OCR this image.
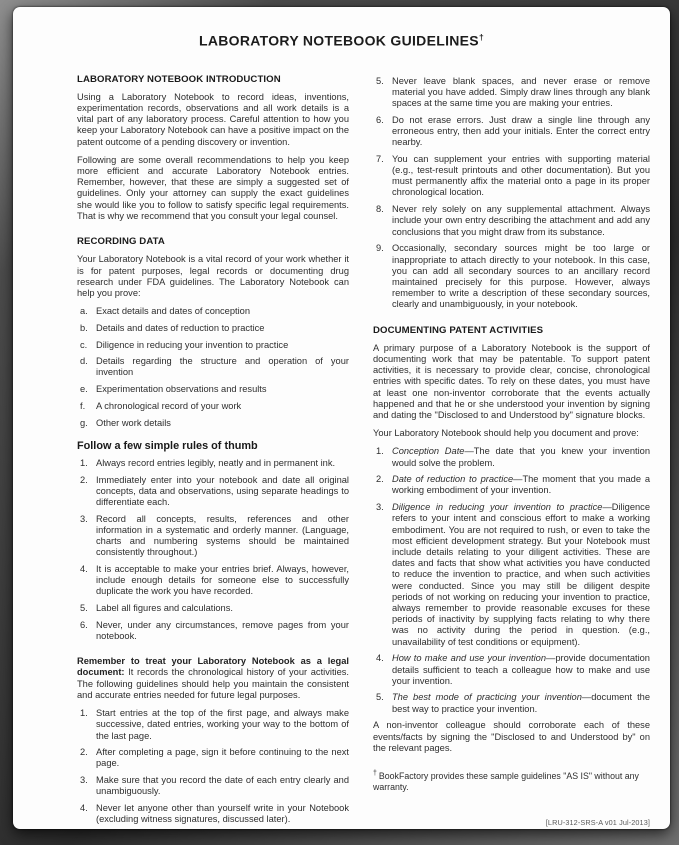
LABORATORY NOTEBOOK GUIDELINES†
LABORATORY NOTEBOOK INTRODUCTION

Using a Laboratory Notebook to record ideas, inventions, experimentation records, observations and all work details is a vital part of any laboratory process. Careful attention to how you keep your Laboratory Notebook can have a positive impact on the patent outcome of a pending discovery or invention.

Following are some overall recommendations to help you keep more efficient and accurate Laboratory Notebook entries. Remember, however, that these are simply a suggested set of guidelines. Only your attorney can supply the exact guidelines she would like you to follow to satisfy specific legal requirements. That is why we recommend that you consult your legal counsel.

RECORDING DATA

Your Laboratory Notebook is a vital record of your work whether it is for patent purposes, legal records or documenting drug research under FDA guidelines. The Laboratory Notebook can help you prove:

a. Exact details and dates of conception
b. Details and dates of reduction to practice
c. Diligence in reducing your invention to practice
d. Details regarding the structure and operation of your invention
e. Experimentation observations and results
f.	A chronological record of your work
g. Other work details
Follow a few simple rules of thumb
1. Always record entries legibly, neatly and in permanent ink.
2. Immediately enter into your notebook and date all original concepts, data and observations, using separate headings to differentiate each.
3. Record all concepts, results, references and other information in a systematic and orderly manner. (Language, charts and numbering systems should be maintained consistently throughout.)
4. It is acceptable to make your entries brief. Always, however, include enough details for someone else to successfully duplicate the work you have recorded.
5. Label all figures and calculations.
6. Never, under any circumstances, remove pages from your notebook.

Remember to treat your Laboratory Notebook as a legal document: It records the chronological history of your activities. The following guidelines should help you maintain the consistent and accurate entries needed for future legal purposes.

1. Start entries at the top of the first page, and always make successive, dated entries, working your way to the bottom of the last page.
2. After completing a page, sign it before continuing to the next page.
3. Make sure that you record the date of each entry clearly and unambiguously.
4. Never let anyone other than yourself write in your Notebook (excluding witness signatures, discussed later).
5. Never leave blank spaces, and never erase or remove material you have added. Simply draw lines through any blank spaces at the same time you are making your entries.
6. Do not erase errors. Just draw a single line through any erroneous entry, then add your initials. Enter the correct entry nearby.
7. You can supplement your entries with supporting material (e.g., test-result printouts and other documentation). But you must permanently affix the material onto a page in its proper chronological location.
8. Never rely solely on any supplemental attachment. Always include your own entry describing the attachment and add any conclusions that you might draw from its substance.
9. Occasionally, secondary sources might be too large or inappropriate to attach directly to your notebook. In this case, you can add all secondary sources to an ancillary record maintained precisely for this purpose. However, always remember to write a description of these secondary sources, clearly and unambiguously, in your notebook.
DOCUMENTING PATENT ACTIVITIES

A primary purpose of a Laboratory Notebook is the support of documenting work that may be patentable. To support patent activities, it is necessary to provide clear, concise, chronological entries with specific dates. To rely on these dates, you must have at least one non-inventor corroborate that the events actually happened and that he or she understood your invention by signing and dating the "Disclosed to and Understood by" signature blocks.

Your Laboratory Notebook should help you document and prove:

1. Conception Date—The date that you knew your invention would solve the problem.
2. Date of reduction to practice—The moment that you made a working embodiment of your invention.
3. Diligence in reducing your invention to practice—Diligence refers to your intent and conscious effort to make a working embodiment. You are not required to rush, or even to take the most efficient development strategy. But your Notebook must include details relating to your diligent activities. These are dates and facts that show what activities you have conducted to reduce the invention to practice, and when such activities were conducted. Since you may still be diligent despite periods of not working on reducing your invention to practice, always remember to provide reasonable excuses for these periods of inactivity by supplying facts relating to why there was no activity during the period in question. (e.g., unavailability of test conditions or equipment).
4. How to make and use your invention—provide documentation details sufficient to teach a colleague how to make and use your invention.
5. The best mode of practicing your invention—document the best way to practice your invention.

A non-inventor colleague should corroborate each of these events/facts by signing the "Disclosed to and Understood by" on the relevant pages.

† BookFactory provides these sample guidelines "AS IS" without any warranty.

[LRU-312-SRS-A v01 Jul-2013]
